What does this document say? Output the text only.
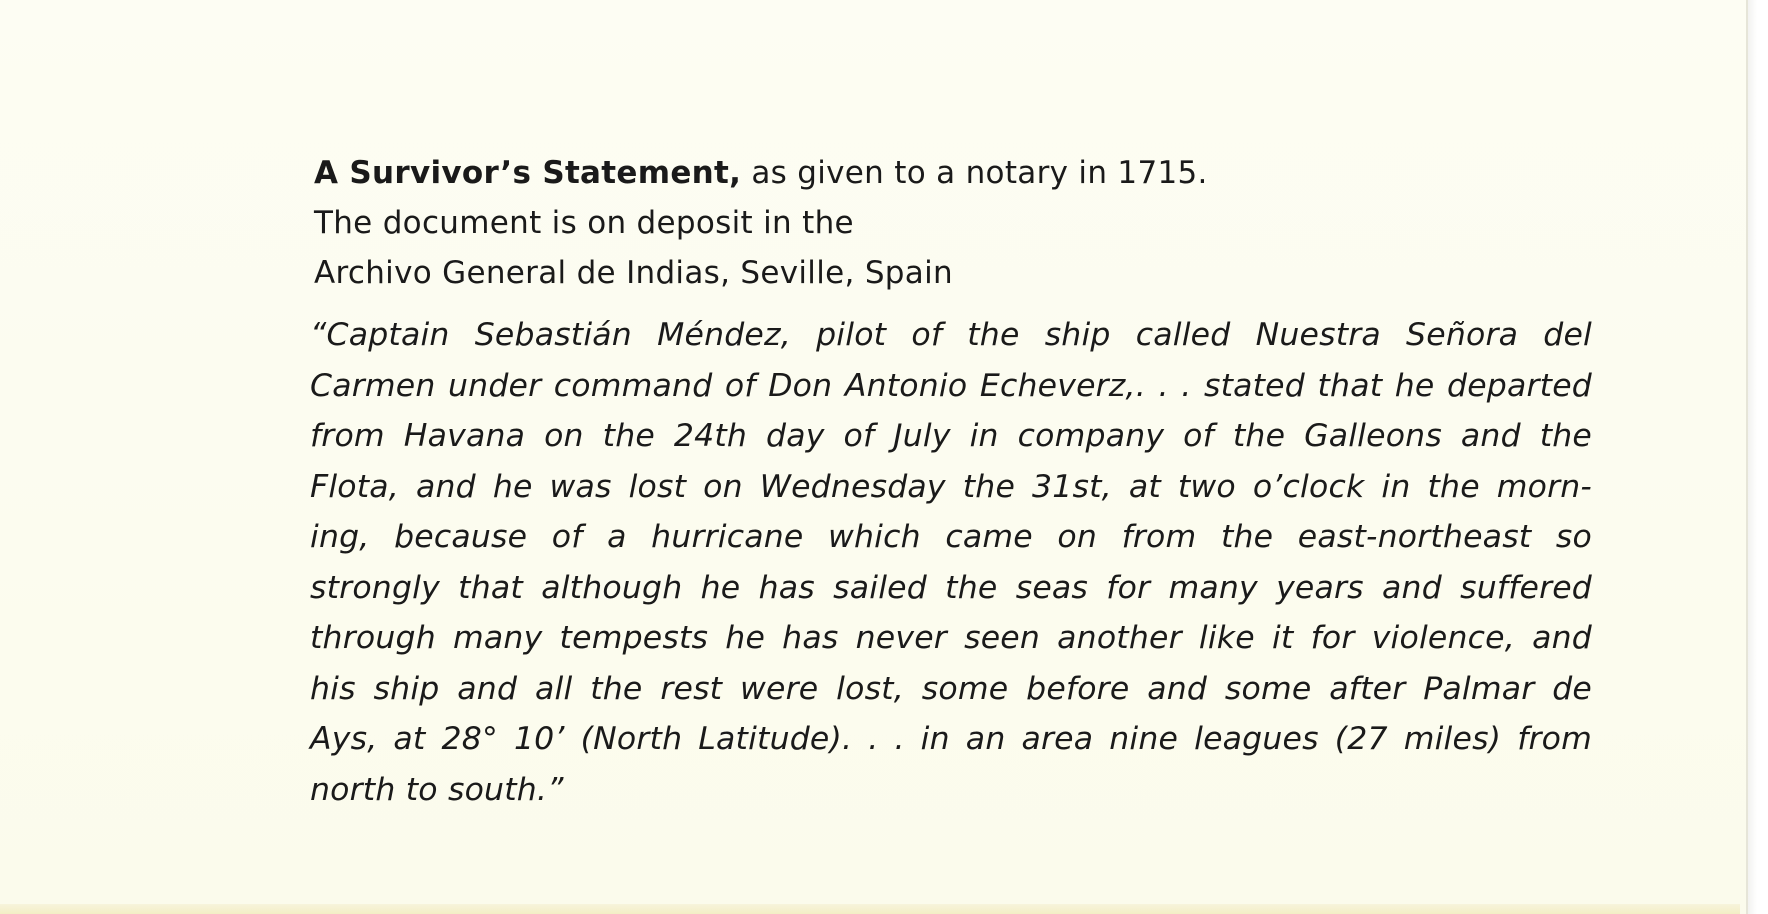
A Survivor’s Statement, as given to a notary in 1715.
The document is on deposit in the
Archivo General de Indias, Seville, Spain
“Captain Sebastián Méndez, pilot of the ship called Nuestra Señora del
Carmen under command of Don Antonio Echeverz,. . . stated that he departed
from Havana on the 24th day of July in company of the Galleons and the
Flota, and he was lost on Wednesday the 31st, at two o’clock in the morn-
ing, because of a hurricane which came on from the east-northeast so
strongly that although he has sailed the seas for many years and suffered
through many tempests he has never seen another like it for violence, and
his ship and all the rest were lost, some before and some after Palmar de
Ays, at 28° 10’ (North Latitude). . . in an area nine leagues (27 miles) from
north to south.”
